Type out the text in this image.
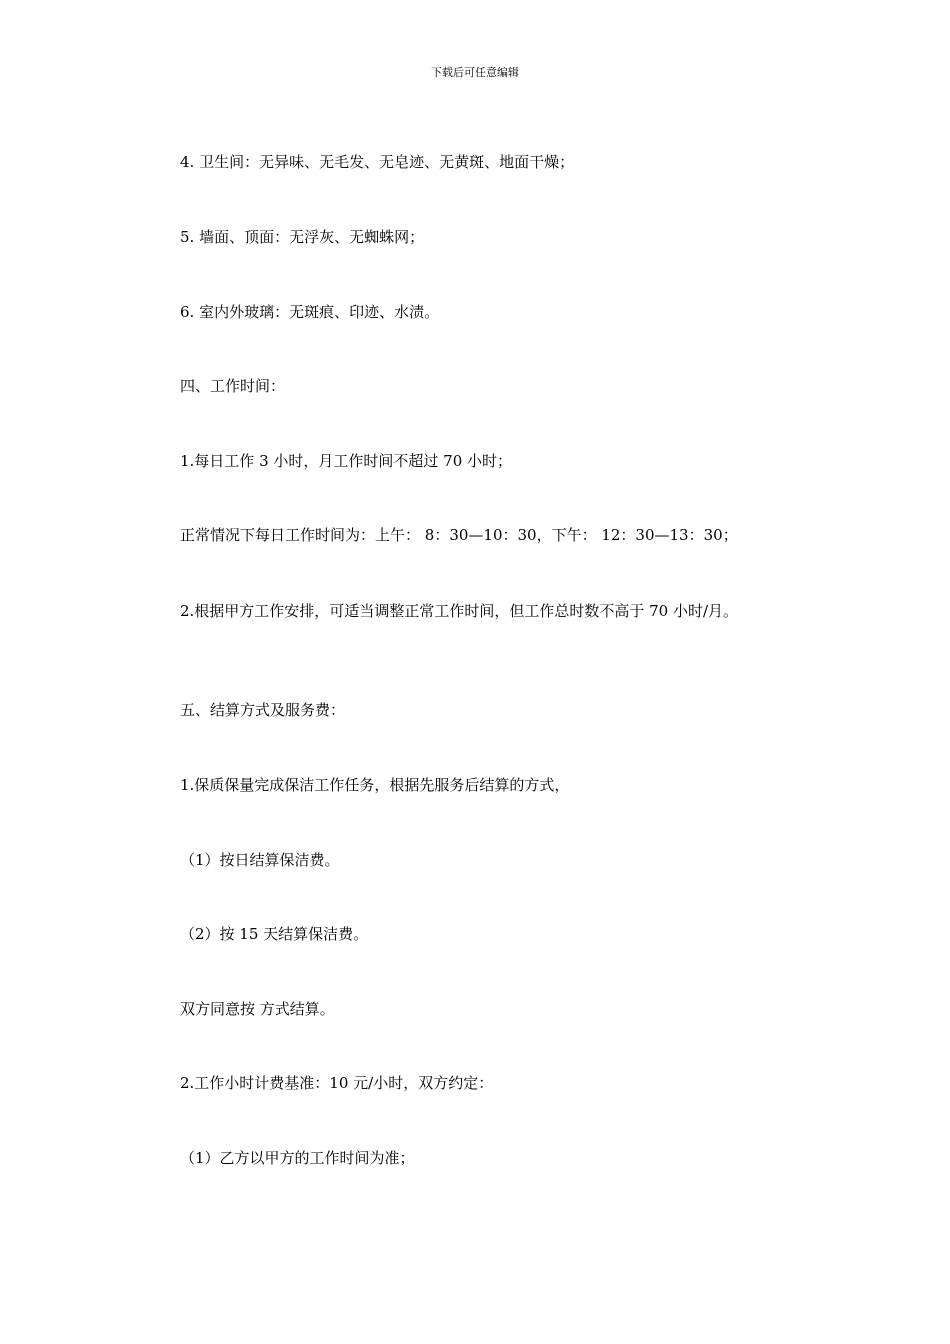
下载后可任意编辑
4. 卫生间：无异味、无毛发、无皂迹、无黄斑、地面干燥；
5. 墙面、顶面：无浮灰、无蜘蛛网；
6. 室内外玻璃：无斑痕、印迹、水渍。
四、工作时间：
1.每日工作 3 小时，月工作时间不超过 70 小时；
正常情况下每日工作时间为：上午： 8：30—10：30，下午： 12：30—13：30；
2.根据甲方工作安排，可适当调整正常工作时间，但工作总时数不高于 70 小时/月。
五、结算方式及服务费：
1.保质保量完成保洁工作任务，根据先服务后结算的方式，
（1）按日结算保洁费。
（2）按 15 天结算保洁费。
双方同意按 方式结算。
2.工作小时计费基准：10 元/小时，双方约定：
（1）乙方以甲方的工作时间为准；
